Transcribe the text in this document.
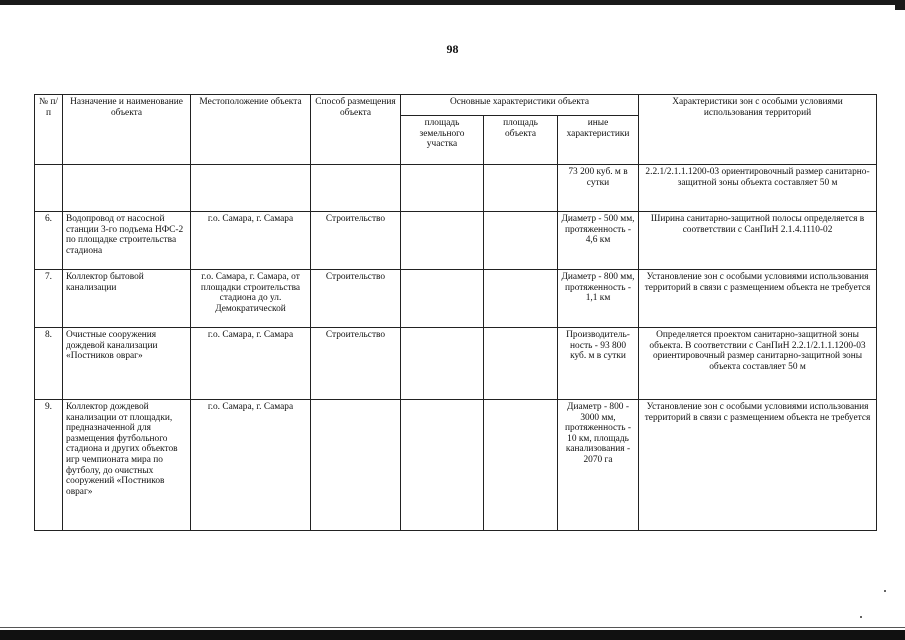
98
№ п/п	Назначение и наименование объекта	Местоположение объекта	Способ размещения объекта	Основные характеристики объекта			Характеристики зон с особыми условиями использования территорий
				площадь земельного участка	площадь объекта	иные характеристики	
						73 200 куб. м в сутки	2.2.1/2.1.1.1200-03 ориентировочный размер санитарно-защитной зоны объекта составляет 50 м
6.	Водопровод от насосной станции 3-го подъема НФС-2 по площадке строительства стадиона	г.о. Самара, г. Самара	Строительство			Диаметр - 500 мм, протяженность - 4,6 км	Ширина санитарно-защитной полосы определяется в соответствии с СанПиН 2.1.4.1110-02
7.	Коллектор бытовой канализации	г.о. Самара, г. Самара, от площадки строительства стадиона до ул. Демократической	Строительство			Диаметр - 800 мм, протяженность - 1,1 км	Установление зон с особыми условиями использования территорий в связи с размещением объекта не требуется
8.	Очистные сооружения дождевой канализации «Постников овраг»	г.о. Самара, г. Самара	Строительство			Производитель-ность - 93 800 куб. м в сутки	Определяется проектом санитарно-защитной зоны объекта. В соответствии с СанПиН 2.2.1/2.1.1.1200-03 ориентировочный размер санитарно-защитной зоны объекта составляет 50 м
9.	Коллектор дождевой канализации от площадки, предназначенной для размещения футбольного стадиона и других объектов игр чемпионата мира по футболу, до очистных сооружений «Постников овраг»	г.о. Самара, г. Самара				Диаметр - 800 - 3000 мм, протяженность - 10 км, площадь канализования - 2070 га	Установление зон с особыми условиями использования территорий в связи с размещением объекта не требуется
